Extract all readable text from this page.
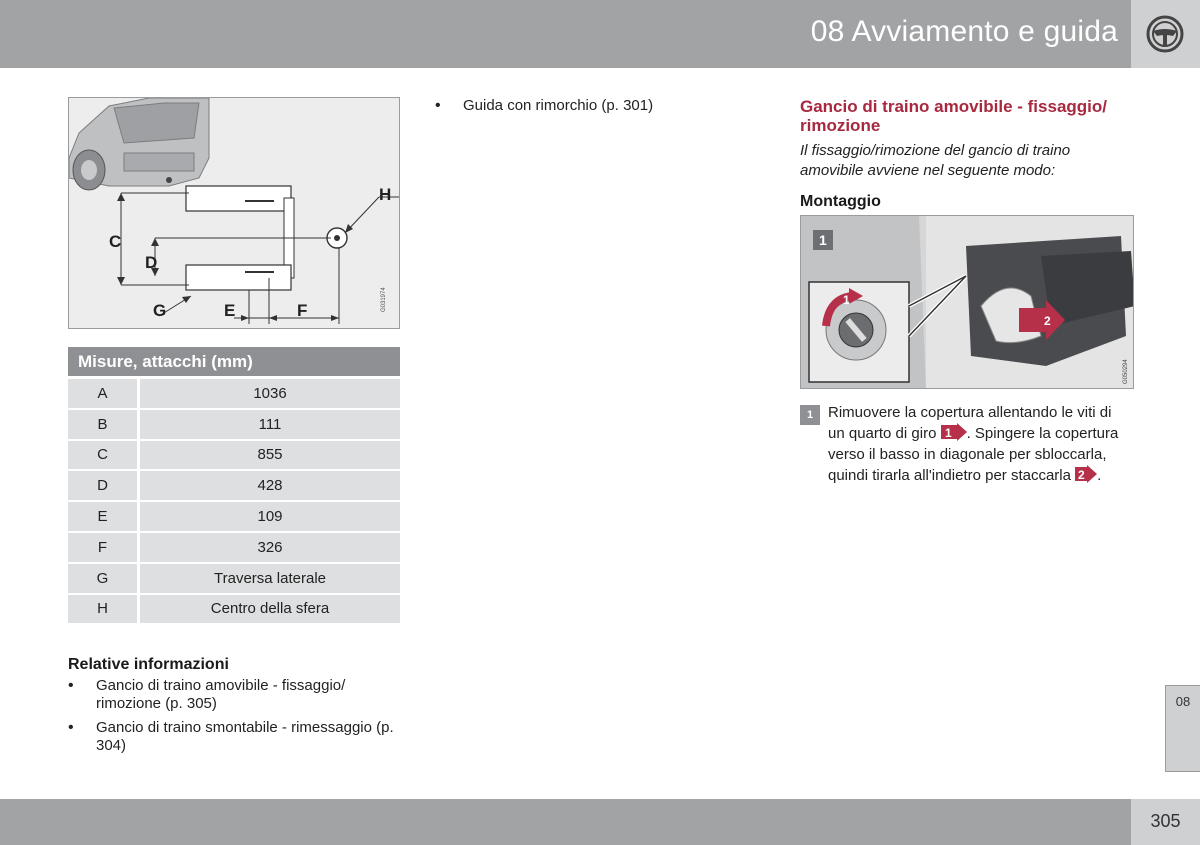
08 Avviamento e guida
H
C
D
G	E	F	G031974
Misure, attacchi (mm)	
A	1036
B	111
C	855
D	428
E	109
F	326
G	Traversa laterale
H	Centro della sfera
Relative informazioni
• Gancio di traino amovibile - fissaggio/ rimozione (p. 305)
• Gancio di traino smontabile - rimessaggio (p. 304)
• Guida con rimorchio (p. 301)	Gancio di traino amovibile - fissaggio/ rimozione
Il fissaggio/rimozione del gancio di traino amovibile avviene nel seguente modo:
Montaggio
1
2
1
G050294
1 Rimuovere la copertura allentando le viti di un quarto di giro 1 . Spingere la copertura verso il basso in diagonale per sbloccarla, quindi tirarla all'indietro per staccarla 2 .
08
305
